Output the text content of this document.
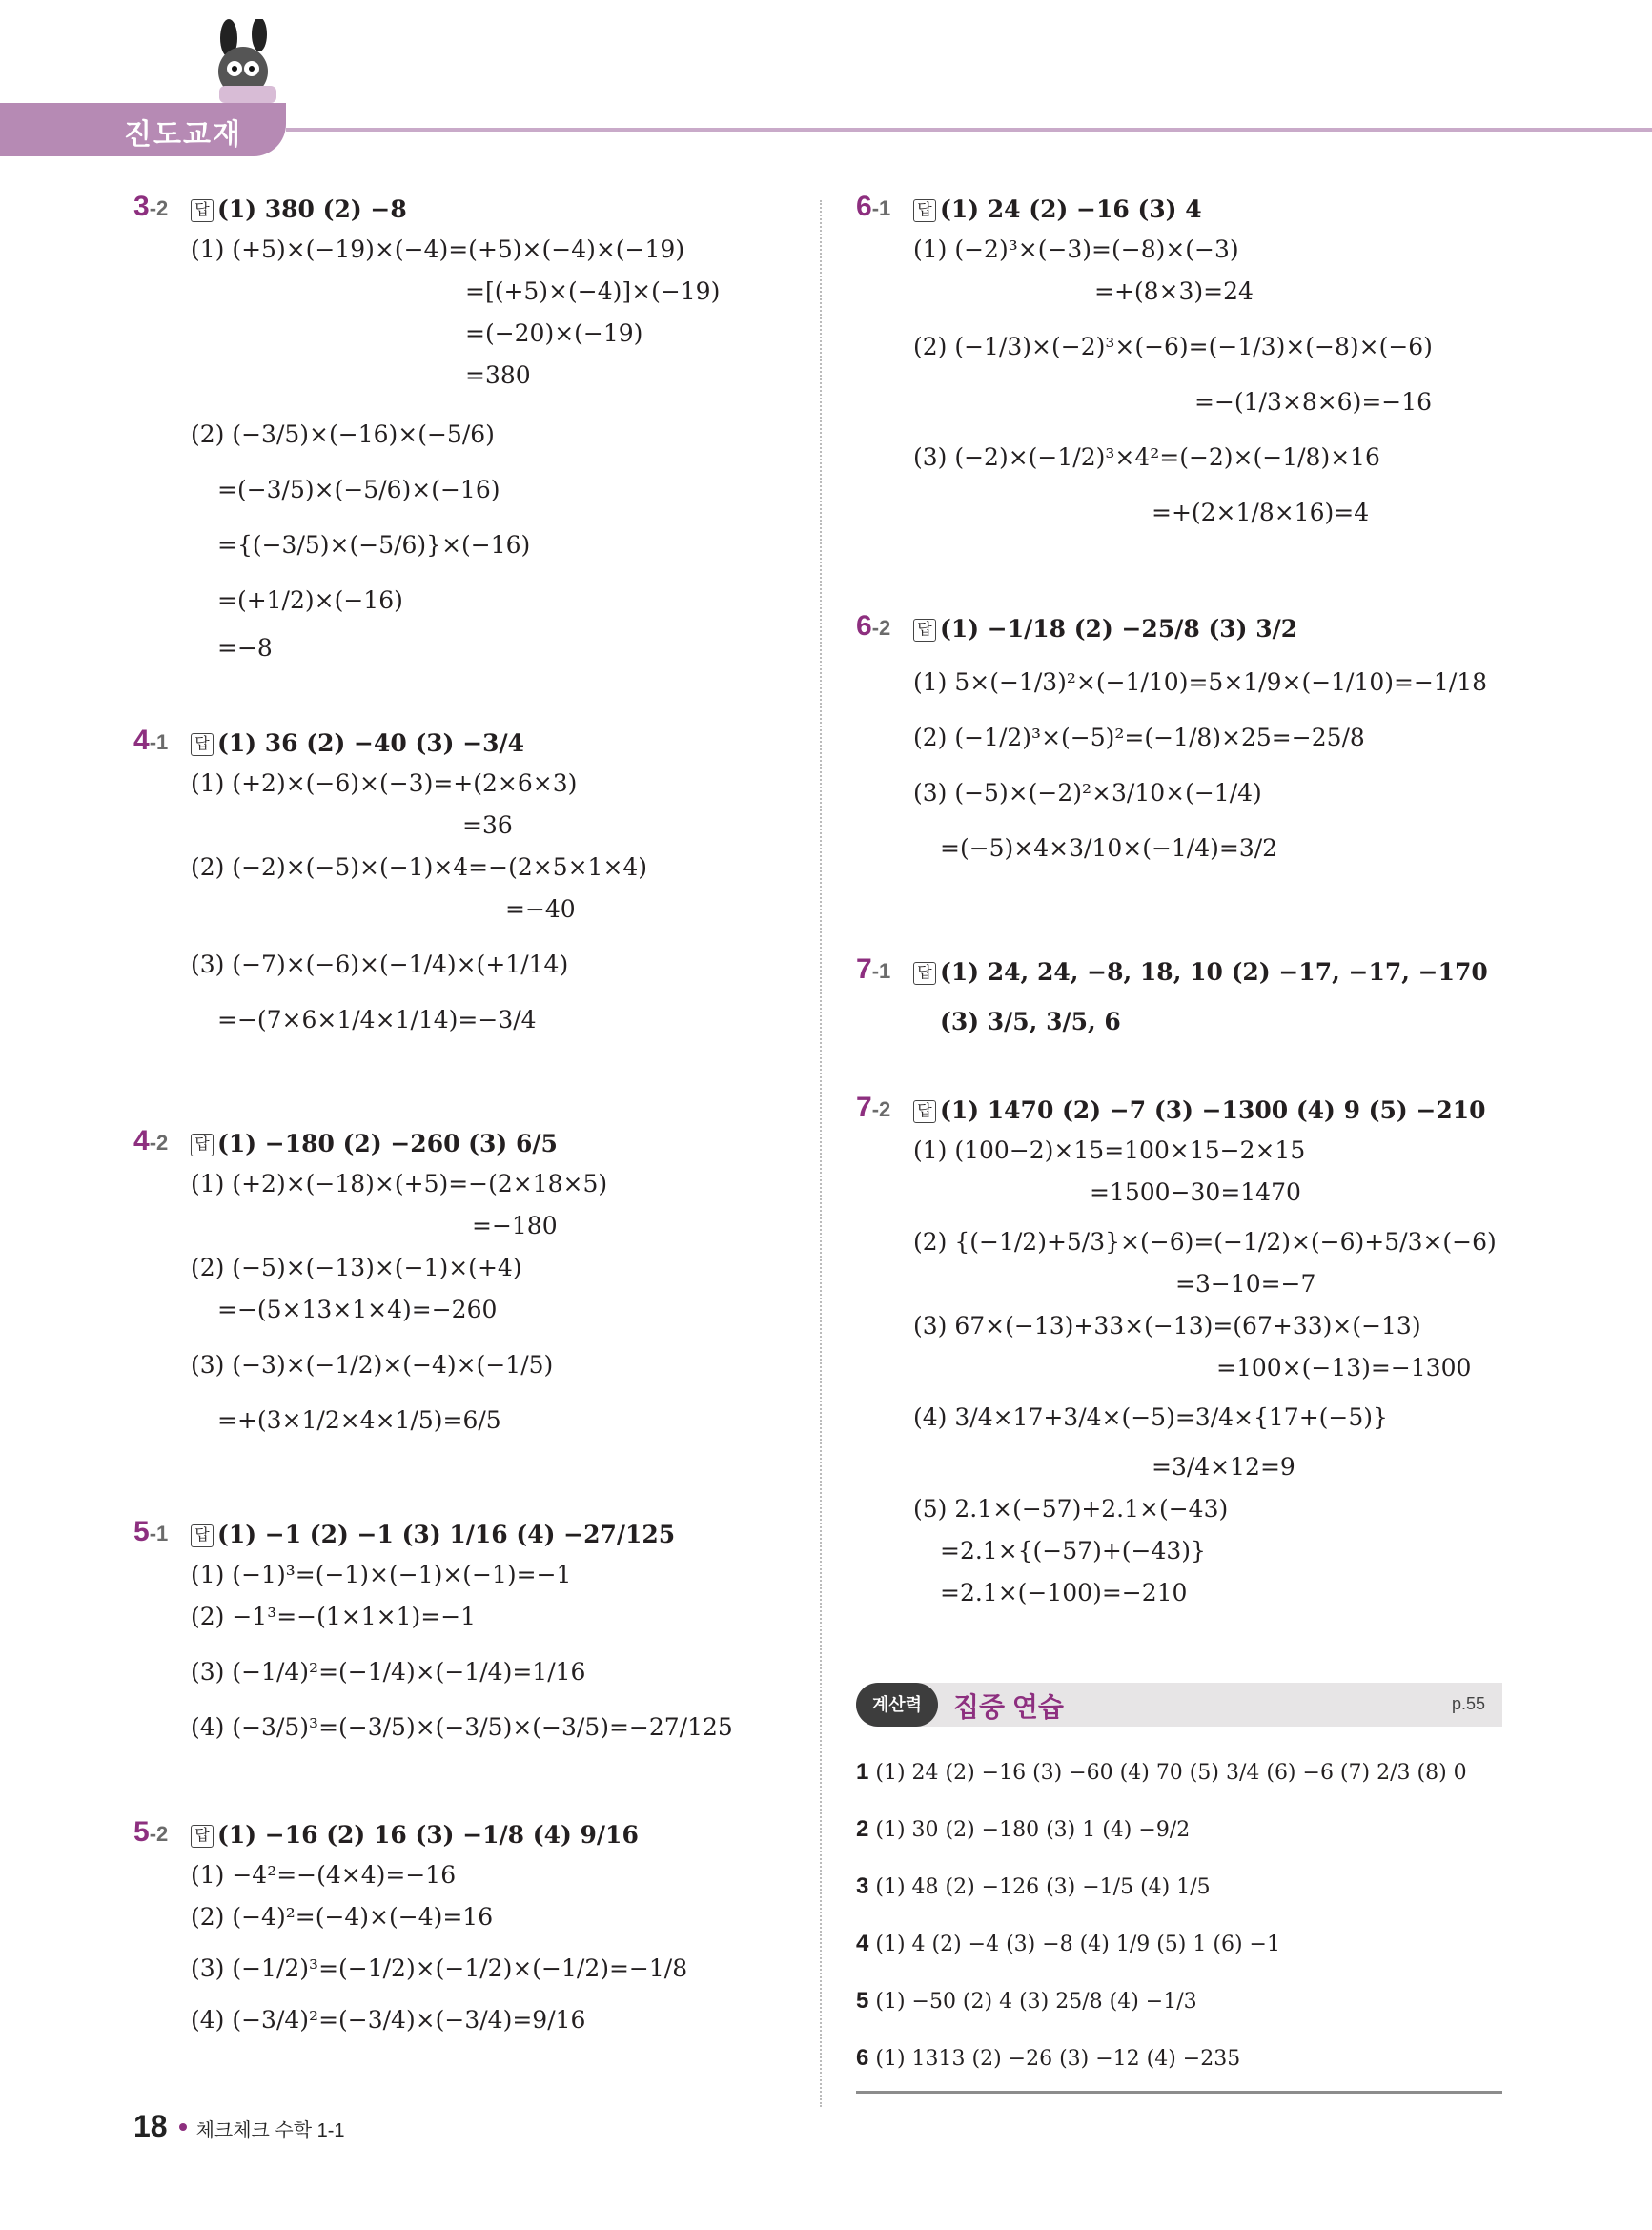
진도교재
3-2	답 (1) 380 (2) −8
(1) (+5)×(−19)×(−4)=(+5)×(−4)×(−19)
=[(+5)×(−4)]×(−19)
=(−20)×(−19)
=380
(2) (−3/5)×(−16)×(−5/6)
=(−3/5)×(−5/6)×(−16)
={(−3/5)×(−5/6)}×(−16)
=(+1/2)×(−16)
=−8
4-1	답 (1) 36 (2) −40 (3) −3/4
(1) (+2)×(−6)×(−3)=+(2×6×3)
=36
(2) (−2)×(−5)×(−1)×4=−(2×5×1×4)
=−40
(3) (−7)×(−6)×(−1/4)×(+1/14)
=−(7×6×1/4×1/14)=−3/4
4-2	답 (1) −180 (2) −260 (3) 6/5
(1) (+2)×(−18)×(+5)=−(2×18×5)
=−180
(2) (−5)×(−13)×(−1)×(+4)
=−(5×13×1×4)=−260
(3) (−3)×(−1/2)×(−4)×(−1/5)
=+(3×1/2×4×1/5)=6/5
5-1	답 (1) −1 (2) −1 (3) 1/16 (4) −27/125
(1) (−1)³=(−1)×(−1)×(−1)=−1
(2) −1³=−(1×1×1)=−1
(3) (−1/4)²=(−1/4)×(−1/4)=1/16
(4) (−3/5)³=(−3/5)×(−3/5)×(−3/5)=−27/125
5-2	답 (1) −16 (2) 16 (3) −1/8 (4) 9/16
(1) −4²=−(4×4)=−16
(2) (−4)²=(−4)×(−4)=16
(3) (−1/2)³=(−1/2)×(−1/2)×(−1/2)=−1/8
(4) (−3/4)²=(−3/4)×(−3/4)=9/16
6-1	답 (1) 24 (2) −16 (3) 4
(1) (−2)³×(−3)=(−8)×(−3)
=+(8×3)=24
(2) (−1/3)×(−2)³×(−6)=(−1/3)×(−8)×(−6)
=−(1/3×8×6)=−16
(3) (−2)×(−1/2)³×4²=(−2)×(−1/8)×16
=+(2×1/8×16)=4
6-2	답 (1) −1/18 (2) −25/8 (3) 3/2
(1) 5×(−1/3)²×(−1/10)=5×1/9×(−1/10)=−1/18
(2) (−1/2)³×(−5)²=(−1/8)×25=−25/8
(3) (−5)×(−2)²×3/10×(−1/4)
=(−5)×4×3/10×(−1/4)=3/2
7-1	답 (1) 24, 24, −8, 18, 10 (2) −17, −17, −170
(3) 3/5, 3/5, 6
7-2	답 (1) 1470 (2) −7 (3) −1300 (4) 9 (5) −210
(1) (100−2)×15=100×15−2×15
=1500−30=1470
(2) {(−1/2)+5/3}×(−6)=(−1/2)×(−6)+5/3×(−6)
=3−10=−7
(3) 67×(−13)+33×(−13)=(67+33)×(−13)
=100×(−13)=−1300
(4) 3/4×17+3/4×(−5)=3/4×{17+(−5)}
=3/4×12=9
(5) 2.1×(−57)+2.1×(−43)
=2.1×{(−57)+(−43)}
=2.1×(−100)=−210
계산력	집중 연습	p.55
1 (1) 24 (2) −16 (3) −60 (4) 70 (5) 3/4 (6) −6 (7) 2/3 (8) 0
2 (1) 30 (2) −180 (3) 1 (4) −9/2
3 (1) 48 (2) −126 (3) −1/5 (4) 1/5
4 (1) 4 (2) −4 (3) −8 (4) 1/9 (5) 1 (6) −1
5 (1) −50 (2) 4 (3) 25/8 (4) −1/3
6 (1) 1313 (2) −26 (3) −12 (4) −235
18 체크체크 수학 1-1
